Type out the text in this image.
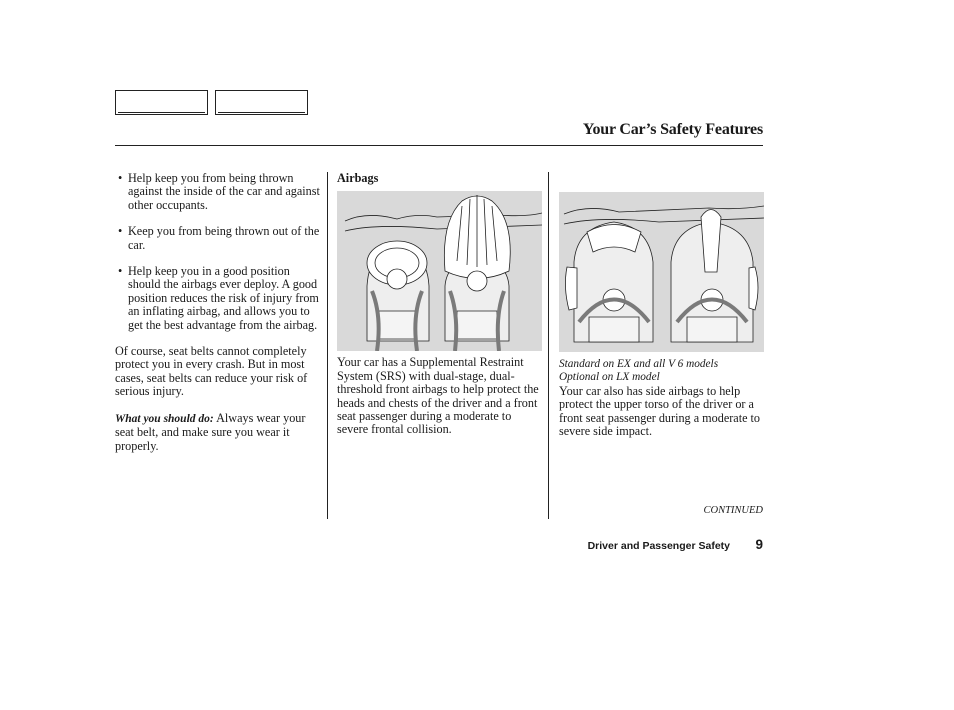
Your Car’s Safety Features
• Help keep you from being thrown against the inside of the car and against other occupants.
• Keep you from being thrown out of the car.
• Help keep you in a good position should the airbags ever deploy. A good position reduces the risk of injury from an inflating airbag, and allows you to get the best advantage from the airbag.

Of course, seat belts cannot completely protect you in every crash. But in most cases, seat belts can reduce your risk of serious injury.

What you should do: Always wear your seat belt, and make sure you wear it properly.

Airbags

Your car has a Supplemental Restraint System (SRS) with dual-stage, dual-threshold front airbags to help protect the heads and chests of the driver and a front seat passenger during a moderate to severe frontal collision.

Standard on EX and all V 6 models
Optional on LX model

Your car also has side airbags to help protect the upper torso of the driver or a front seat passenger during a moderate to severe side impact.

CONTINUED
Driver and Passenger Safety 9
